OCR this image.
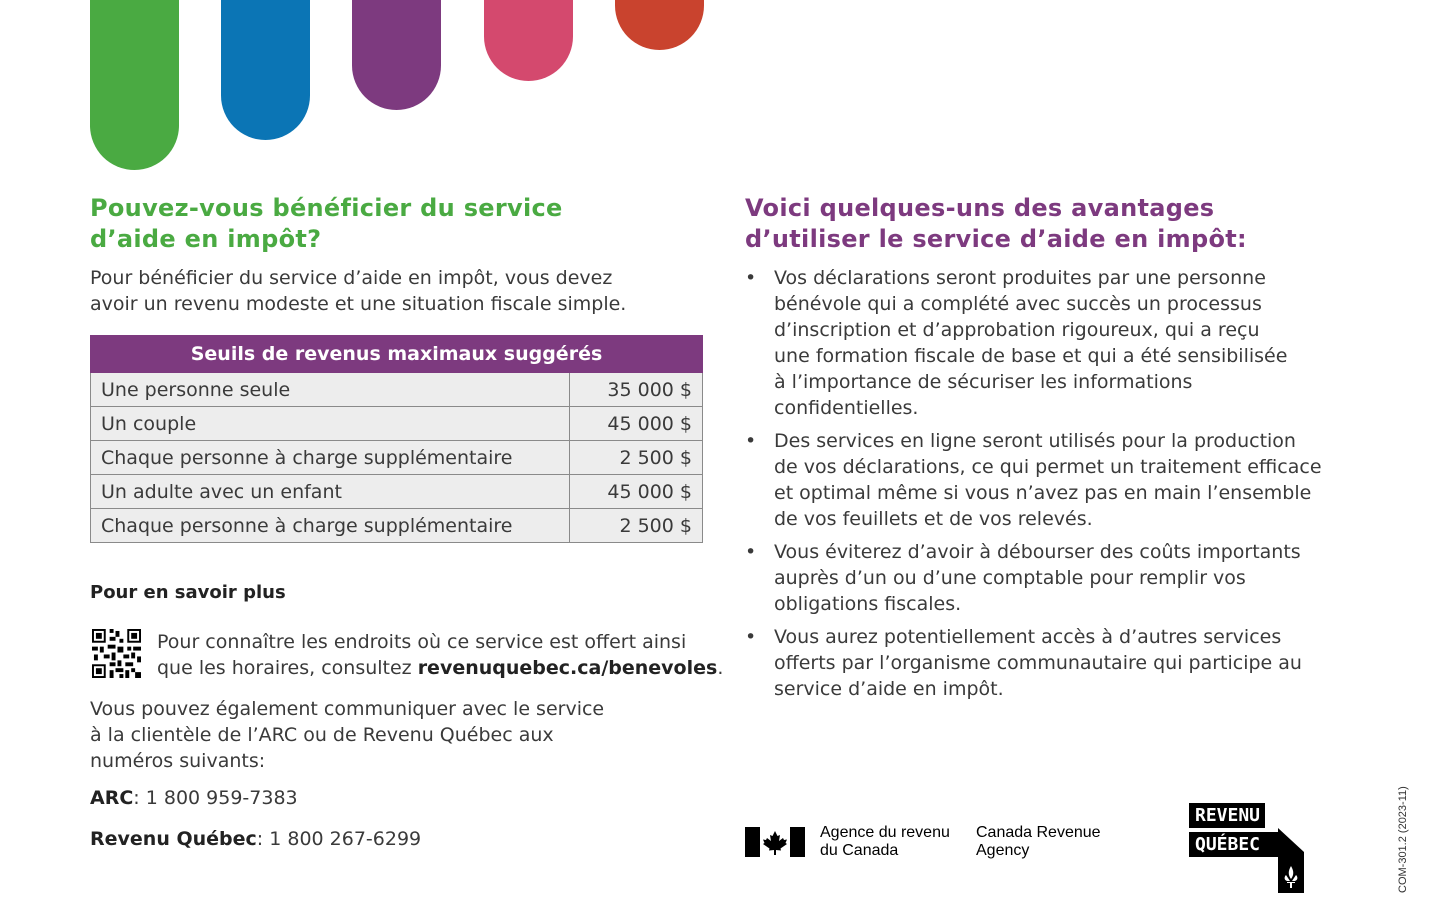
Pouvez-vous bénéficier du service
d’aide en impôt?

Pour bénéficier du service d’aide en impôt, vous devez
avoir un revenu modeste et une situation fiscale simple.

Seuils de revenus maximaux suggérés	
Une personne seule	35 000 $
Un couple	45 000 $
Chaque personne à charge supplémentaire	2 500 $
Un adulte avec un enfant	45 000 $
Chaque personne à charge supplémentaire	2 500 $
Pour en savoir plus

Pour connaître les endroits où ce service est offert ainsi
que les horaires, consultez revenuquebec.ca/benevoles.

Vous pouvez également communiquer avec le service
à la clientèle de l’ARC ou de Revenu Québec aux
numéros suivants:

ARC: 1 800 959-7383

Revenu Québec: 1 800 267-6299

Voici quelques-uns des avantages
d’utiliser le service d’aide en impôt:
• Vos déclarations seront produites par une personne
bénévole qui a complété avec succès un processus
d’inscription et d’approbation rigoureux, qui a reçu
une formation fiscale de base et qui a été sensibilisée
à l’importance de sécuriser les informations
confidentielles.
• Des services en ligne seront utilisés pour la production
de vos déclarations, ce qui permet un traitement efficace
et optimal même si vous n’avez pas en main l’ensemble
de vos feuillets et de vos relevés.
• Vous éviterez d’avoir à débourser des coûts importants
auprès d’un ou d’une comptable pour remplir vos
obligations fiscales.
• Vous aurez potentiellement accès à d’autres services
offerts par l’organisme communautaire qui participe au
service d’aide en impôt.
Agence du revenu
du Canada
Canada Revenue
Agency
REVENU
QUÉBEC	COM-301.2 (2023-11)
